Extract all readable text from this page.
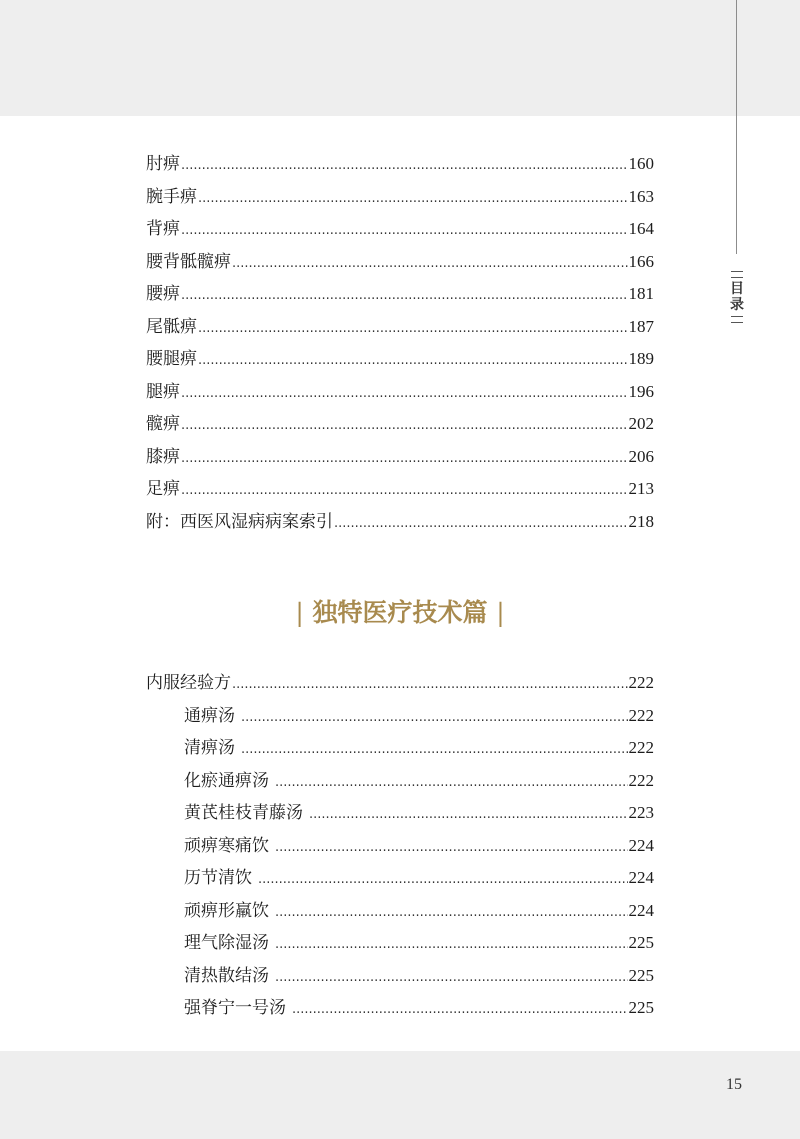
目
录
肘痹 .....	160
腕手痹 .....	163
背痹 .....	164
腰背骶髋痹 .....	166
腰痹 .....	181
尾骶痹 .....	187
腰腿痹 .....	189
腿痹 .....	196
髋痹 .....	202
膝痹 .....	206
足痹 .....	213
附：西医风湿病病案索引 .....	218
| 独特医疗技术篇 |
内服经验方 .....	222
通痹汤 .....	222
清痹汤 .....	222
化瘀通痹汤 .....	222
黄芪桂枝青藤汤 .....	223
顽痹寒痛饮 .....	224
历节清饮 .....	224
顽痹形羸饮 .....	224
理气除湿汤 .....	225
清热散结汤 .....	225
强脊宁一号汤 .....	225
15
